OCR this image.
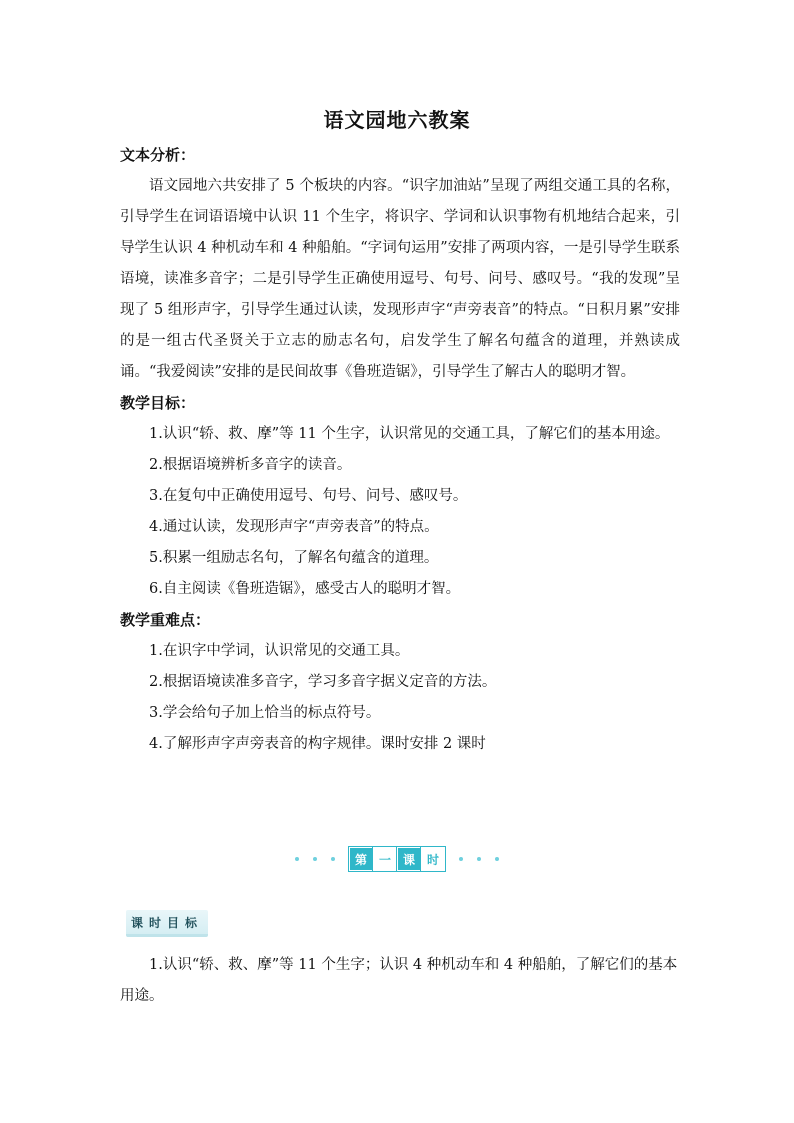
语文园地六教案
文本分析：

语文园地六共安排了 5 个板块的内容。“识字加油站”呈现了两组交通工具的名称，引导学生在词语语境中认识 11 个生字，将识字、学词和认识事物有机地结合起来，引导学生认识 4 种机动车和 4 种船舶。“字词句运用”安排了两项内容，一是引导学生联系语境，读准多音字；二是引导学生正确使用逗号、句号、问号、感叹号。“我的发现”呈现了 5 组形声字，引导学生通过认读，发现形声字“声旁表音”的特点。“日积月累”安排的是一组古代圣贤关于立志的励志名句，启发学生了解名句蕴含的道理，并熟读成诵。“我爱阅读”安排的是民间故事《鲁班造锯》，引导学生了解古人的聪明才智。

教学目标：

1.认识“轿、救、摩”等 11 个生字，认识常见的交通工具，了解它们的基本用途。

2.根据语境辨析多音字的读音。

3.在复句中正确使用逗号、句号、问号、感叹号。

4.通过认读，发现形声字“声旁表音”的特点。

5.积累一组励志名句，了解名句蕴含的道理。

6.自主阅读《鲁班造锯》，感受古人的聪明才智。

教学重难点：

1.在识字中学词，认识常见的交通工具。

2.根据语境读准多音字，学习多音字据义定音的方法。

3.学会给句子加上恰当的标点符号。

4.了解形声字声旁表音的构字规律。课时安排 2 课时

第 一 课 时
课时目标

1.认识“轿、救、摩”等 11 个生字；认识 4 种机动车和 4 种船舶，了解它们的基本用途。
